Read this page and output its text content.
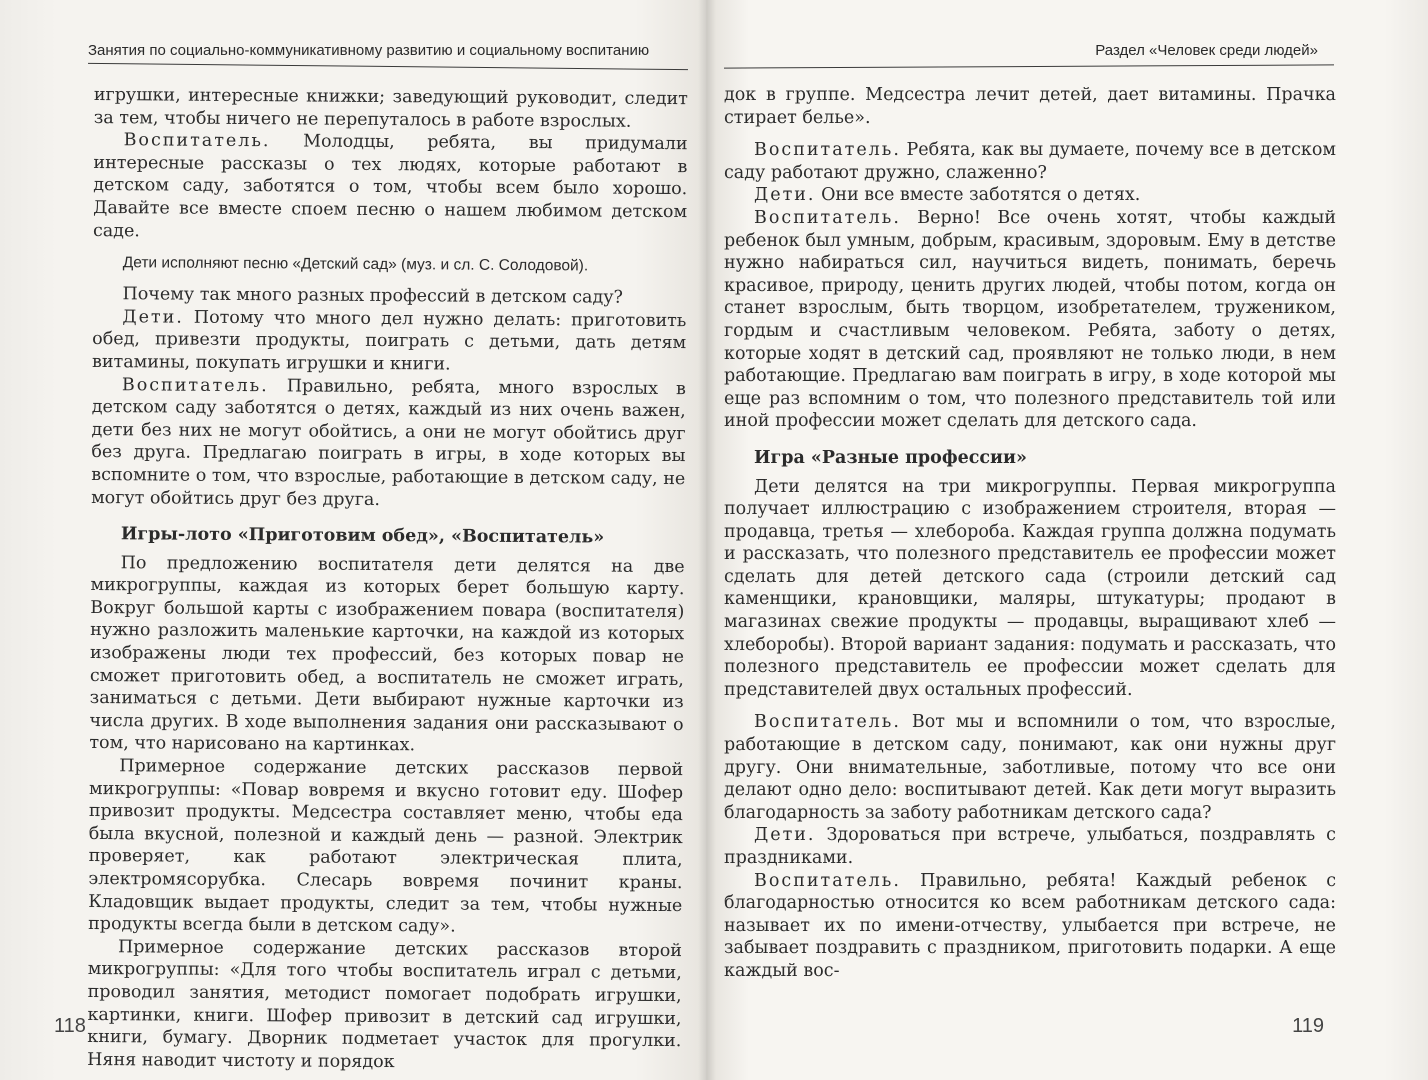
Занятия по социально-коммуникативному развитию и социальному воспитанию

игрушки, интересные книжки; заведующий руководит, следит за тем, чтобы ничего не перепуталось в работе взрослых.

Воспитатель. Молодцы, ребята, вы придумали интересные рассказы о тех людях, которые работают в детском саду, заботятся о том, чтобы всем было хорошо. Давайте все вместе споем песню о нашем любимом детском саде.

Дети исполняют песню «Детский сад» (муз. и сл. С. Солодовой).

Почему так много разных профессий в детском саду?

Дети. Потому что много дел нужно делать: приготовить обед, привезти продукты, поиграть с детьми, дать детям витамины, покупать игрушки и книги.

Воспитатель. Правильно, ребята, много взрослых в детском саду заботятся о детях, каждый из них очень важен, дети без них не могут обойтись, а они не могут обойтись друг без друга. Предлагаю поиграть в игры, в ходе которых вы вспомните о том, что взрослые, работающие в детском саду, не могут обойтись друг без друга.

Игры-лото «Приготовим обед», «Воспитатель»

По предложению воспитателя дети делятся на две микрогруппы, каждая из которых берет большую карту. Вокруг большой карты с изображением повара (воспитателя) нужно разложить маленькие карточки, на каждой из которых изображены люди тех профессий, без которых повар не сможет приготовить обед, а воспитатель не сможет играть, заниматься с детьми. Дети выбирают нужные карточки из числа других. В ходе выполнения задания они рассказывают о том, что нарисовано на картинках.

Примерное содержание детских рассказов первой микрогруппы: «Повар вовремя и вкусно готовит еду. Шофер привозит продукты. Медсестра составляет меню, чтобы еда была вкусной, полезной и каждый день — разной. Электрик проверяет, как работают электрическая плита, электромясорубка. Слесарь вовремя починит краны. Кладовщик выдает продукты, следит за тем, чтобы нужные продукты всегда были в детском саду».

Примерное содержание детских рассказов второй микрогруппы: «Для того чтобы воспитатель играл с детьми, проводил занятия, методист помогает подобрать игрушки, картинки, книги. Шофер привозит в детский сад игрушки, книги, бумагу. Дворник подметает участок для прогулки. Няня наводит чистоту и порядок

118
Раздел «Человек среди людей»

док в группе. Медсестра лечит детей, дает витамины. Прачка стирает белье».

Воспитатель. Ребята, как вы думаете, почему все в детском саду работают дружно, слаженно?

Дети. Они все вместе заботятся о детях.

Воспитатель. Верно! Все очень хотят, чтобы каждый ребенок был умным, добрым, красивым, здоровым. Ему в детстве нужно набираться сил, научиться видеть, понимать, беречь красивое, природу, ценить других людей, чтобы потом, когда он станет взрослым, быть творцом, изобретателем, тружеником, гордым и счастливым человеком. Ребята, заботу о детях, которые ходят в детский сад, проявляют не только люди, в нем работающие. Предлагаю вам поиграть в игру, в ходе которой мы еще раз вспомним о том, что полезного представитель той или иной профессии может сделать для детского сада.

Игра «Разные профессии»

Дети делятся на три микрогруппы. Первая микрогруппа получает иллюстрацию с изображением строителя, вторая — продавца, третья — хлебороба. Каждая группа должна подумать и рассказать, что полезного представитель ее профессии может сделать для детей детского сада (строили детский сад каменщики, крановщики, маляры, штукатуры; продают в магазинах свежие продукты — продавцы, выращивают хлеб — хлеборобы). Второй вариант задания: подумать и рассказать, что полезного представитель ее профессии может сделать для представителей двух остальных профессий.

Воспитатель. Вот мы и вспомнили о том, что взрослые, работающие в детском саду, понимают, как они нужны друг другу. Они внимательные, заботливые, потому что все они делают одно дело: воспитывают детей. Как дети могут выразить благодарность за заботу работникам детского сада?

Дети. Здороваться при встрече, улыбаться, поздравлять с праздниками.

Воспитатель. Правильно, ребята! Каждый ребенок с благодарностью относится ко всем работникам детского сада: называет их по имени-отчеству, улыбается при встрече, не забывает поздравить с праздником, приготовить подарки. А еще каждый вос-

119
